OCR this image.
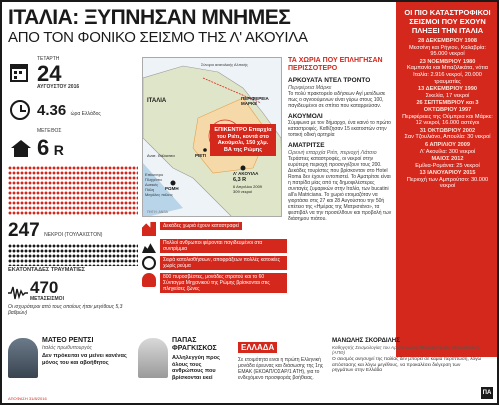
ΙΤΑΛΙΑ: ΞΥΠΝΗΣΑΝ ΜΝΗΜΕΣ
ΑΠΟ ΤΟΝ ΦΟΝΙΚΟ ΣΕΙΣΜΟ ΤΗΣ Λ' ΑΚΟΥΙΛΑ
ΤΕΤΑΡΤΗ
24
ΑΥΓΟΥΣΤΟΥ 2016
4.36 ώρα Ελλάδος
ΜΕΓΕΘΟΣ
6 R
247 ΝΕΚΡΟΙ (ΤΟΥΛΑΧΙΣΤΟΝ)
ΕΚΑΤΟΝΤΑΔΕΣ ΤΡΑΥΜΑΤΙΕΣ
470
ΜΕΤΑΣΕΙΣΜΟΙ
Οι ισχυρότεροι από τους οποίους ήταν μεγέθους 5,3 βαθμών)
ΙΤΑΛΙΑ
Σύνορα ανατολικής Αλπικής
ΠΕΡΙΦΕΡΕΙΑ ΜΑΡΚΕ
Ανατ. Θάλασσα	ΡΙΕΤΙ
ΡΩΜΗ
Λ' ΑΚΟΥΙΛΑ
6,3 R
6 Απριλίου 2009
309 νεκροί
ΠΗΓΗ: ANSA
ΕΠΙΚΕΝΤΡΟ Επαρχία του Ριέτι, κοντά στο Ακούμολι, 150 χλμ. ΒΑ της Ρώμης
Επίκεντρο
Πληγέντα
Δυτικές
Πόλη
Μεγάλες πόλεις
Δεκάδες χωριά έχουν καταστραφεί
Πολλοί ανθρωποι φέρονται παγιδευμένοι στα συντρίμμια
Σειρά κατολισθήσεων, αποφράξεων πολλές κατοικίες χωρίς ρεύμα
800 πυροσβέστες, μονάδες στρατού και το 60 Σύνταγμα Μηχανικού της Ρώμης βρίσκονται στις πληγείσες ζώνες
ΤΑ ΧΩΡΙΑ ΠΟΥ ΕΠΛΗΓΗΣΑΝ ΠΕΡΙΣΣΟΤΕΡΟ
ΑΡΚΟΥΑΤΑ ΝΤΕΛ ΤΡΟΝΤΟ
Περιφέρεια Μάρκε
Το πολύ πρακτορείο ειδήσεων Αγί μετέδωσε πως ο αγνοούμενων είναι γύρω στους 100, παγιδευμένοι σε σπίτια που καταρρεύσαν.
ΑΚΟΥΜΟΛΙ
Σύμφωνα με τον δήμαρχο, ένα καινό το πρώτο καταστροφές. Καθίζησαν 15 εκατοστών στην τοπική οδική αρτηρία
ΑΜΑΤΡΙΤΣΕ
Ορεινή επαρχία Ριέτι, περιοχή Λάτσιο
Τεράστιες καταστροφές, οι νεκροί στην ευρύτερη περιοχή προσεγγίζουν τους 200. Δεκάδες τουρίστες που βρίσκονταν στο Hotel Roma δεν έχουν εντοπιστεί. Το Αματρίτσε είναι η πατρίδα μίας από τις δημοφιλέστερες συνταγές ζυμαρικών στην Ιταλία, των bucatini all'a Matriciana. Το χωριό ετοιμαζόταν να γιορτάσει στις 27 και 28 Αυγούστου την 50ή επέτειο της «Ημέρας της Ματρισιάνα», τα φεστιβάλ να την προσέλθουν και προβολή των διάσημου πιάτου.
ΟΙ ΠΙΟ ΚΑΤΑΣΤΡΟΦΙΚΟΙ ΣΕΙΣΜΟΙ ΠΟΥ ΕΧΟΥΝ ΠΛΗΞΕΙ ΤΗΝ ΙΤΑΛΙΑ
28 ΔΕΚΕΜΒΡΙΟΥ 1908
Μεσσίνη και Ρήγιου, Καλαβρία: 95.000 νεκροί
23 ΝΟΕΜΒΡΙΟΥ 1980
Καμπανία και Μπαζιλικάτα, νότια Ιταλία: 2.916 νεκροί, 20.000 τραυματίες
13 ΔΕΚΕΜΒΡΙΟΥ 1990
Σικελία, 17 νεκροί
26 ΣΕΠΤΕΜΒΡΙΟΥ και 3 ΟΚΤΩΒΡΙΟΥ 1997
Περιφέρειες της Ούμπρια και Μάρκε: 12 νεκροί, 16.000 αστέγοι
31 ΟΚΤΩΒΡΙΟΥ 2002
Σαν Τζουλιάνο, Απουλία: 30 νεκροί
6 ΑΠΡΙΛΙΟΥ 2009
Λ' Ακουίλα: 300 νεκροί
ΜΑΙΟΣ 2012
Εμίλια-Ρομάνια: 25 νεκροί
13 ΙΑΝΟΥΑΡΙΟΥ 2015
Περιοχή των Αμπρούτσο: 30.000 νεκροί
ΜΑΤΕΟ ΡΕΝΤΣΙ
Ιταλός πρωθυπουργός
Δεν πρόκειται να μείνει κανένας μόνος του και αβοήθητος
ΠΑΠΑΣ ΦΡΑΓΚΙΣΚΟΣ
Αλληλεγγύη προς όλους τους ανθρώπους που βρίσκονται εκεί
ΕΛΛΑΔΑ
Σε ετοιμότητα ειναι η πρώτη Ελληνική μονάδα έρευνας και διάσωσης της 1ης ΕΜΑΚ (ΕΚΟΑΠ/ΟΣΑΡ/1 ΑΤΗ), για το ενδεχόμενο προσφοράς βοήθειας.
ΜΑΝΩΛΗΣ ΣΚΟΡΔΙΛΗΣ
Καθηγητής Σεισμολογίας του Αριστοτελειου Πανεπιστημίου Θεσσαλονίκης (ΑΠΘ)
Ο σεισμός ανησυχεί της Ιταλίας δεν μπορεί σε καμία περίπτωση, λόγω απόστασης και λόγω μεγέθους, να προκαλέσει διέγερση των ρηγμάτων στην Ελλάδα
ΑΠΟΦΑΣΗ 31/8/2016
ΠΑ
